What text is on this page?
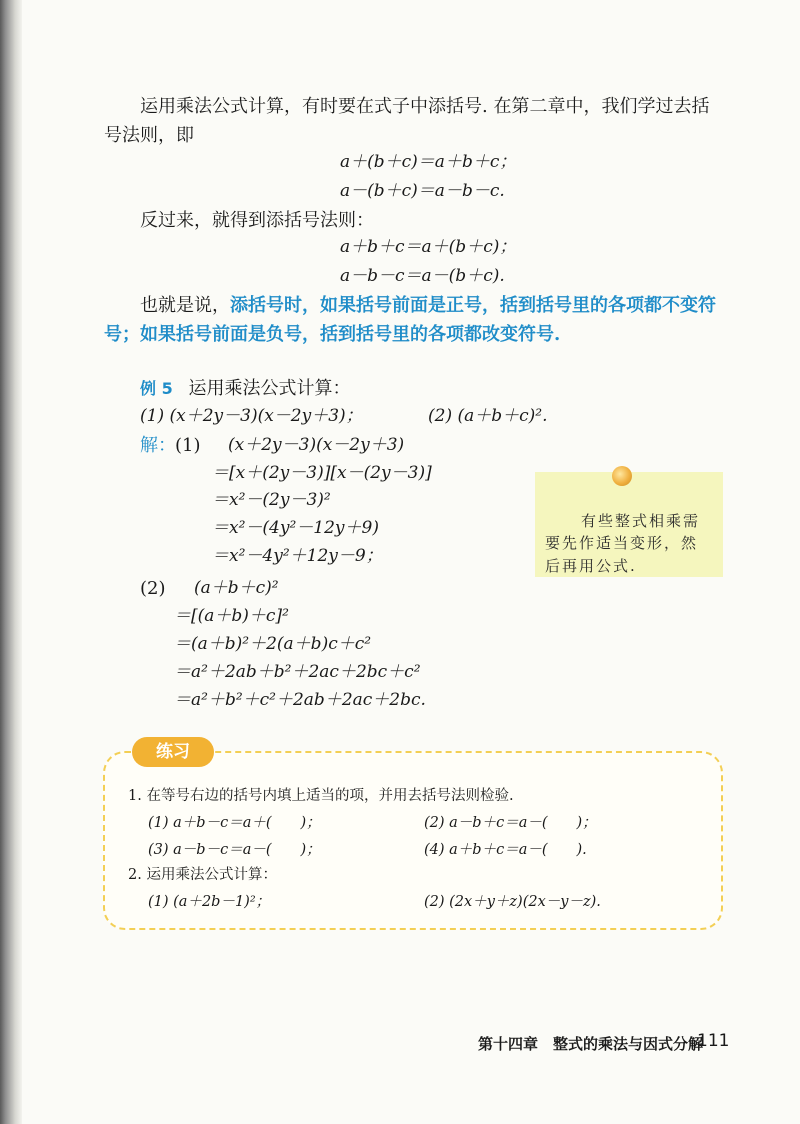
运用乘法公式计算，有时要在式子中添括号. 在第二章中，我们学过去括
号法则，即
a＋(b＋c)＝a＋b＋c；
a－(b＋c)＝a－b－c.
反过来，就得到添括号法则：
a＋b＋c＝a＋(b＋c)；
a－b－c＝a－(b＋c).
也就是说，添括号时，如果括号前面是正号，括到括号里的各项都不变符
号；如果括号前面是负号，括到括号里的各项都改变符号.
例 5 运用乘法公式计算：
(1) (x＋2y－3)(x－2y＋3)；	(2) (a＋b＋c)².
解： (1) (x＋2y－3)(x－2y＋3)
＝[x＋(2y－3)][x－(2y－3)]
＝x²－(2y－3)²
＝x²－(4y²－12y＋9)
＝x²－4y²＋12y－9；
(2) (a＋b＋c)²
＝[(a＋b)＋c]²
＝(a＋b)²＋2(a＋b)c＋c²
＝a²＋2ab＋b²＋2ac＋2bc＋c²
＝a²＋b²＋c²＋2ab＋2ac＋2bc.
有些整式相乘需
要先作适当变形，然
后再用公式.
练习
1. 在等号右边的括号内填上适当的项，并用去括号法则检验.
(1) a＋b－c＝a＋(　　)；	(2) a－b＋c＝a－(　　)；
(3) a－b－c＝a－(　　)；	(4) a＋b＋c＝a－(　　).
2. 运用乘法公式计算：
(1) (a＋2b－1)²；	(2) (2x＋y＋z)(2x－y－z).
第十四章　整式的乘法与因式分解
111
